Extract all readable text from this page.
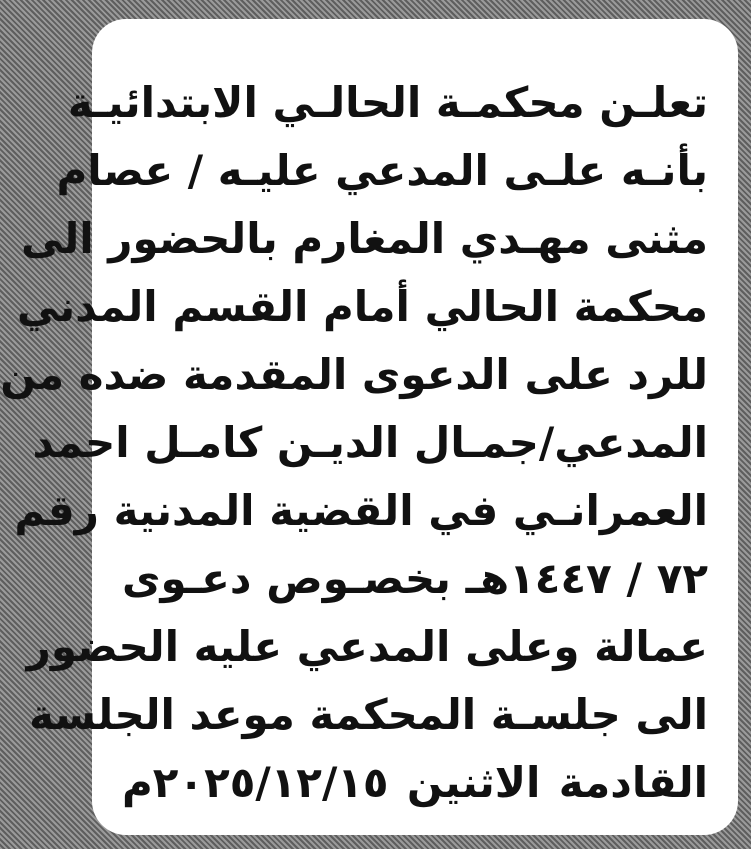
تعلـن محكمـة الحالـي الابتدائيـة
بأنـه علـى المدعي عليـه / عصام
مثنى مهـدي المغارم بالحضور الى
محكمة الحالي أمام القسم المدني
للرد على الدعوى المقدمة ضده من
المدعي/جمـال الديـن كامـل احمد
العمرانـي في القضية المدنية رقم
٧٢ / ١٤٤٧هـ بخصـوص دعـوى
عمالة وعلى المدعي عليه الحضور
الى جلسـة المحكمة موعد الجلسة
القادمة الاثنين ٢٠٢٥/١٢/١٥م
